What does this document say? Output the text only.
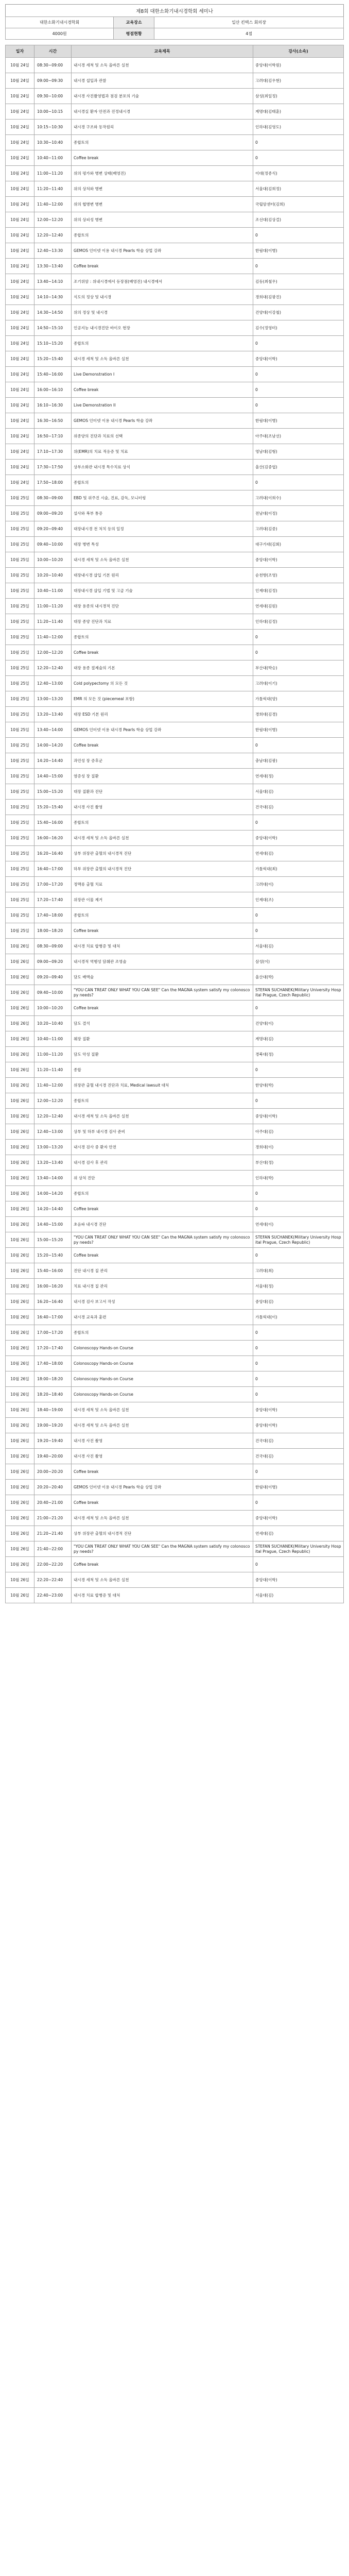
제8회 대한소화기내시경학회 세미나
대한소화기내시경학회	교육장소	일산 킨텍스 회의장
4000원	평점현황	4점
일자	시간	교육제목	강사(소속)
10월 24일	08:30~09:00	내시경 세척 및 소독 올바른 실천	중앙대(이학원)
10월 24일	09:00~09:30	내시경 섭입과 관찰	고려대(김우현)
10월 24일	09:30~10:00	내시경 사진촬영법과 점검 분포의 기술	삼성(최일정)
10월 24일	10:00~10:15	내시경실 환자 안전과 진정내시경	계명대(김태훈)
10월 24일	10:15~10:30	내시경 구조와 동작원리	인하대(김영도)
10월 24일	10:30~10:40	종합토의	0
10월 24일	10:40~11:00	Coffee break	0
10월 24일	11:00~11:20	위의 평가와 병변 상태(배영진)	이대(정종식)
10월 24일	11:20~11:40	위의 상처와 병변	서울대(김희정)
10월 24일	11:40~12:00	위의 협병변 병변	국립암센터(김희)
10월 24일	12:00~12:20	위의 상피성 병변	조선대(김상걸)
10월 24일	12:20~12:40	종합토의	0
10월 24일	12:40~13:30	GEMOS 인터넷 이용 내시경 Pearls 학술 상업 강좌	한림대(이병)
10월 24일	13:30~13:40	Coffee break	0
10월 24일	13:40~14:10	조기위암 : 위내시경에서 등장점(배영진) 내시경에서	김동(최철우)
10월 24일	14:10~14:30	식도의 정상 및 내시경	경희대(김광진)
10월 24일	14:30~14:50	위의 정상 및 내시경	건양대(이강철)
10월 24일	14:50~15:10	인공지능 내시경진단 바이오 현장	김수(정영미)
10월 24일	15:10~15:20	종합토의	0
10월 24일	15:20~15:40	내시경 세척 및 소독 올바른 실천	중앙대(이학)
10월 24일	15:40~16:00	Live Demonstration I	0
10월 24일	16:00~16:10	Coffee break	0
10월 24일	16:10~16:30	Live Demonstration II	0
10월 24일	16:30~16:50	GEMOS 인터넷 이용 내시경 Pearls 학술 강좌	한림대(이병)
10월 24일	16:50~17:10	위종양의 진단과 치료의 선택	아주대(조남선)
10월 24일	17:10~17:30	위(EMR)의 치료 적응증 및 치료	영남대(김형)
10월 24일	17:30~17:50	상부소화관 내시경 특수치료 상식	울산(김중엽)
10월 24일	17:50~18:00	종합토의	0
10월 25일	08:30~09:00	EBD 및 위주진 시술, 진료, 감독, 모니터링	고려대(이희수)
10월 25일	09:00~09:20	설사와 복부 통증	전남대(이정)
10월 25일	09:20~09:40	대장내시경 전 처치 등의 일정	고려대(김중)
10월 25일	09:40~10:00	대장 병변 특성	대구가대(김회)
10월 25일	10:00~10:20	내시경 세척 및 소독 올바른 실천	중앙대(이학)
10월 25일	10:20~10:40	대장내시경 삽입 기본 원리	순천향(조영)
10월 25일	10:40~11:00	대장내시경 삽입 기법 및 고급 기술	인제대(김정)
10월 25일	11:00~11:20	대장 용종의 내시경적 진단	연세대(김원)
10월 25일	11:20~11:40	대장 종양 진단과 치료	인하대(김정)
10월 25일	11:40~12:00	종합토의	0
10월 25일	12:00~12:20	Coffee break	0
10월 25일	12:20~12:40	대장 용종 절제술의 기본	부산대(박승)
10월 25일	12:40~13:00	Cold polypectomy 의 모든 것	고려대(이기)
10월 25일	13:00~13:20	EMR 의 모든 것 (piecemeal 포함)	가톨릭대(양)
10월 25일	13:20~13:40	대장 ESD 기본 원리	경희대(김경)
10월 25일	13:40~14:00	GEMOS 인터넷 이용 내시경 Pearls 학술 상업 강좌	한림대(이병)
10월 25일	14:00~14:20	Coffee break	0
10월 25일	14:20~14:40	과민성 장 증후군	충남대(김광)
10월 25일	14:40~15:00	염증성 장 질환	연세대(정)
10월 25일	15:00~15:20	대장 질환과 진단	서울대(김)
10월 25일	15:20~15:40	내시경 사진 촬영	건국대(김)
10월 25일	15:40~16:00	종합토의	0
10월 25일	16:00~16:20	내시경 세척 및 소독 올바른 실천	중앙대(이학)
10월 25일	16:20~16:40	상부 위장관 출혈의 내시경적 진단	연세대(김)
10월 25일	16:40~17:00	하부 위장관 출혈의 내시경적 진단	가톨릭대(최)
10월 25일	17:00~17:20	정맥류 출혈 치료	고려대(이)
10월 25일	17:20~17:40	위장관 이물 제거	인제대(조)
10월 25일	17:40~18:00	종합토의	0
10월 25일	18:00~18:20	Coffee break	0
10월 26일	08:30~09:00	내시경 치료 합병증 및 대처	서울대(김)
10월 26일	09:00~09:20	내시경적 역행성 담췌관 조영술	삼성(이)
10월 26일	09:20~09:40	담도 배액술	울산대(박)
10월 26일	09:40~10:00	"YOU CAN TREAT ONLY WHAT YOU CAN SEE" Can the MAGNA system satisfy my colonoscopy needs?	STEFAN SUCHANEK(Military University Hospital Prague, Czech Republic)
10월 26일	10:00~10:20	Coffee break	0
10월 26일	10:20~10:40	담도 결석	건양대(이)
10월 26일	10:40~11:00	췌장 질환	계명대(김)
10월 26일	11:00~11:20	담도 악성 질환	경북대(정)
10월 26일	11:20~11:40	종합	0
10월 26일	11:40~12:00	위장관 출혈 내시경 진단과 치료, Medical lawsuit 대처	한양대(박)
10월 26일	12:00~12:20	종합토의	0
10월 26일	12:20~12:40	내시경 세척 및 소독 올바른 실천	중앙대(이학)
10월 26일	12:40~13:00	상부 및 하부 내시경 검사 준비	아주대(김)
10월 26일	13:00~13:20	내시경 검사 중 환자 안전	경희대(이)
10월 26일	13:20~13:40	내시경 검사 후 관리	부산대(정)
10월 26일	13:40~14:00	위 상처 진단	인하대(박)
10월 26일	14:00~14:20	종합토의	0
10월 26일	14:20~14:40	Coffee break	0
10월 26일	14:40~15:00	초음파 내시경 진단	연세대(이)
10월 26일	15:00~15:20	"YOU CAN TREAT ONLY WHAT YOU CAN SEE" Can the MAGNA system satisfy my colonoscopy needs?	STEFAN SUCHANEK(Military University Hospital Prague, Czech Republic)
10월 26일	15:20~15:40	Coffee break	0
10월 26일	15:40~16:00	진단 내시경 질 관리	고려대(최)
10월 26일	16:00~16:20	치료 내시경 질 관리	서울대(정)
10월 26일	16:20~16:40	내시경 검사 보고서 작성	중앙대(김)
10월 26일	16:40~17:00	내시경 교육과 훈련	가톨릭대(이)
10월 26일	17:00~17:20	종합토의	0
10월 26일	17:20~17:40	Colonoscopy Hands-on Course	0
10월 26일	17:40~18:00	Colonoscopy Hands-on Course	0
10월 26일	18:00~18:20	Colonoscopy Hands-on Course	0
10월 26일	18:20~18:40	Colonoscopy Hands-on Course	0
10월 26일	18:40~19:00	내시경 세척 및 소독 올바른 실천	중앙대(이학)
10월 26일	19:00~19:20	내시경 세척 및 소독 올바른 실천	중앙대(이학)
10월 26일	19:20~19:40	내시경 사진 촬영	건국대(김)
10월 26일	19:40~20:00	내시경 사진 촬영	건국대(김)
10월 26일	20:00~20:20	Coffee break	0
10월 26일	20:20~20:40	GEMOS 인터넷 이용 내시경 Pearls 학술 상업 강좌	한림대(이병)
10월 26일	20:40~21:00	Coffee break	0
10월 26일	21:00~21:20	내시경 세척 및 소독 올바른 실천	중앙대(이학)
10월 26일	21:20~21:40	상부 위장관 출혈의 내시경적 진단	연세대(김)
10월 26일	21:40~22:00	"YOU CAN TREAT ONLY WHAT YOU CAN SEE" Can the MAGNA system satisfy my colonoscopy needs?	STEFAN SUCHANEK(Military University Hospital Prague, Czech Republic)
10월 26일	22:00~22:20	Coffee break	0
10월 26일	22:20~22:40	내시경 세척 및 소독 올바른 실천	중앙대(이학)
10월 26일	22:40~23:00	내시경 치료 합병증 및 대처	서울대(김)
